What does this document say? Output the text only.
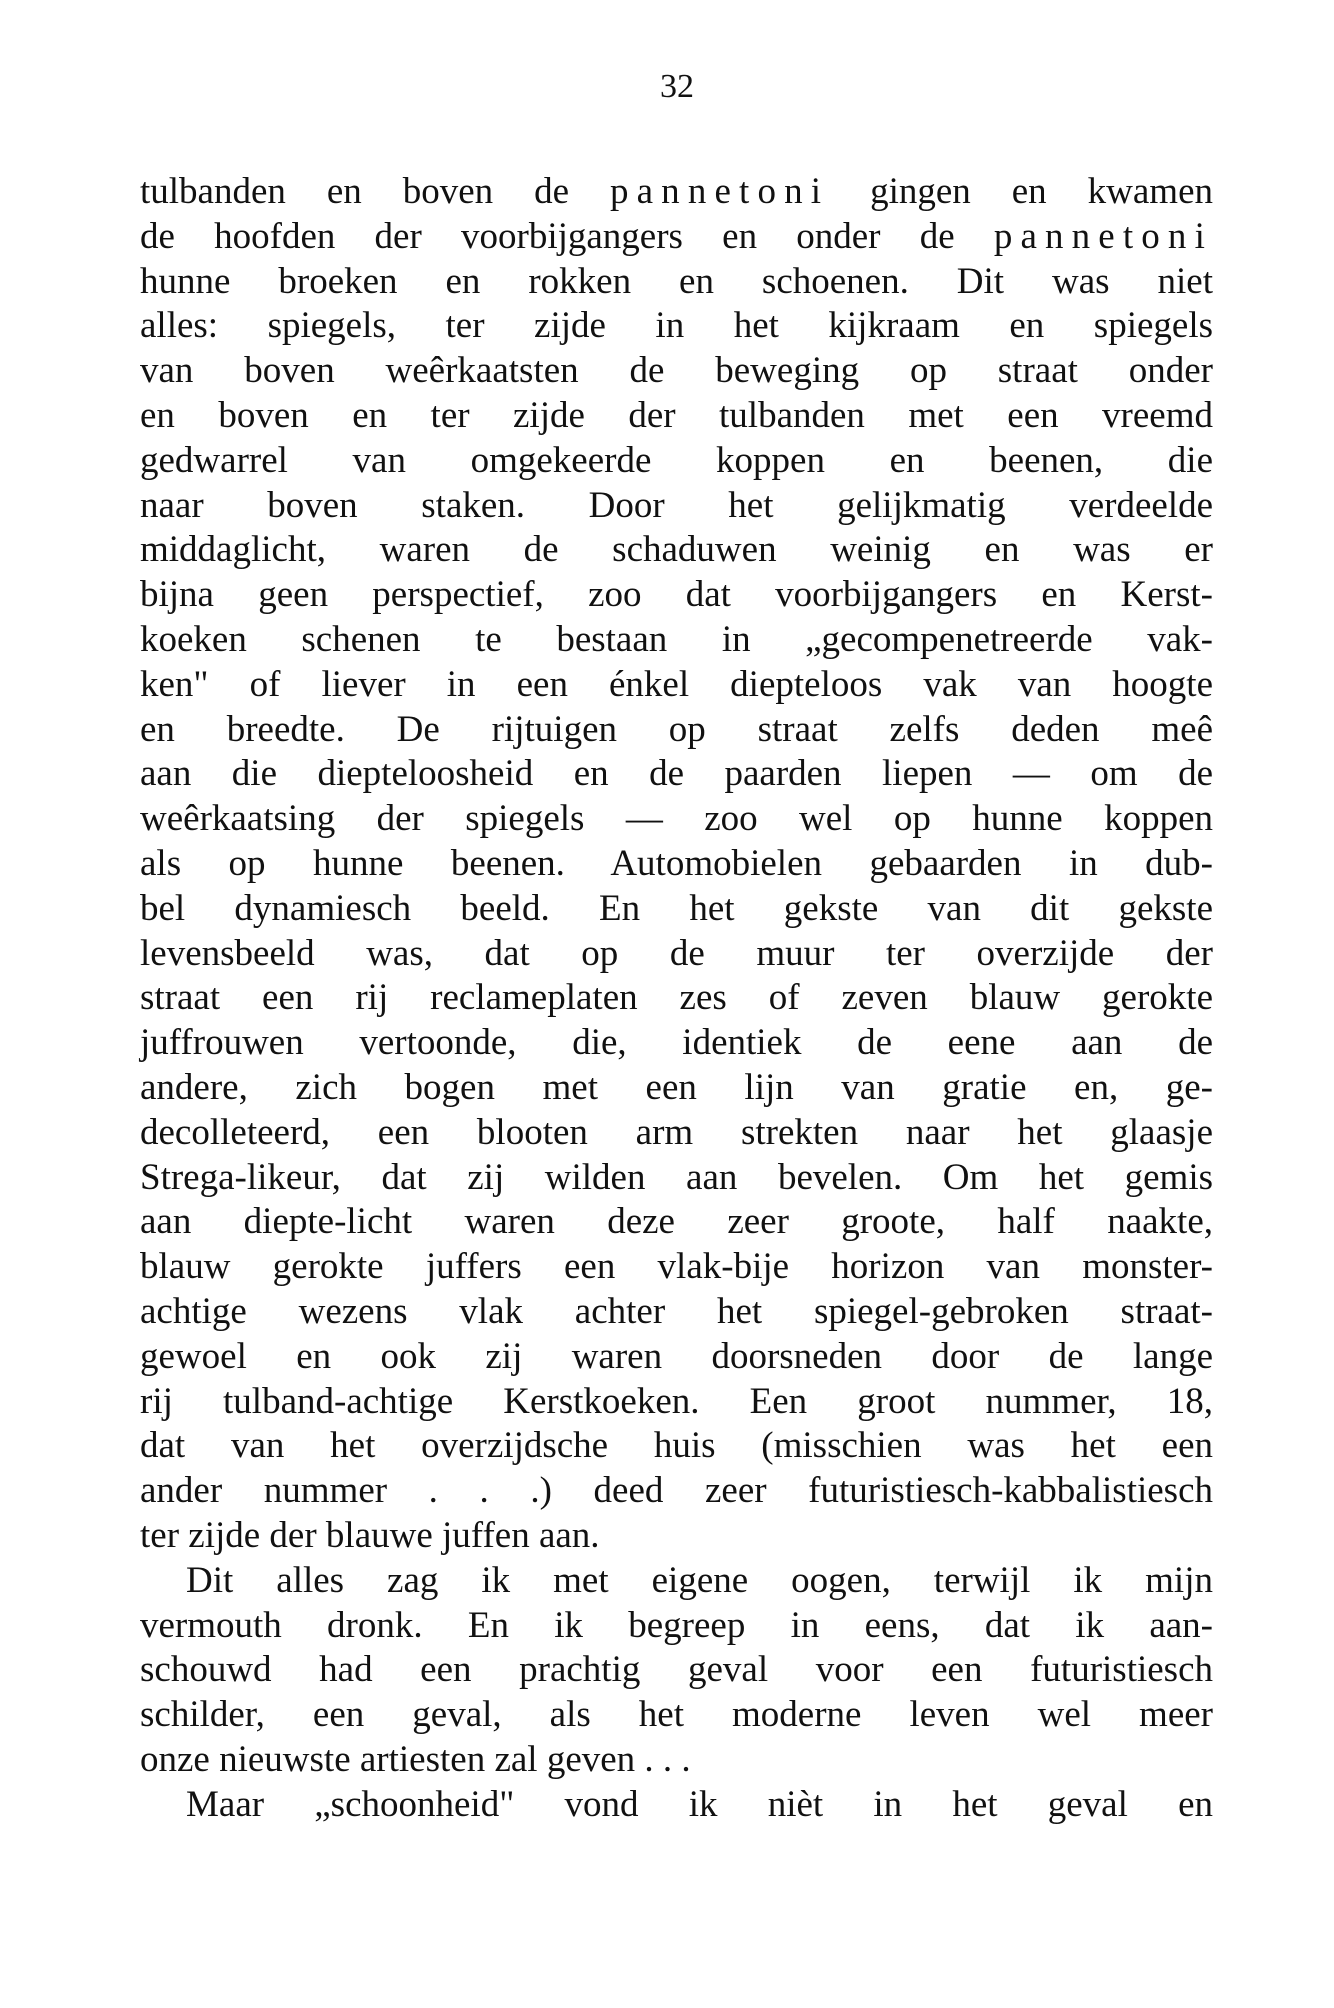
32
tulbanden en boven de pannetoni gingen en kwamen
de hoofden der voorbijgangers en onder de pannetoni
hunne broeken en rokken en schoenen. Dit was niet
alles: spiegels, ter zijde in het kijkraam en spiegels
van boven weêrkaatsten de beweging op straat onder
en boven en ter zijde der tulbanden met een vreemd
gedwarrel van omgekeerde koppen en beenen, die
naar boven staken. Door het gelijkmatig verdeelde
middaglicht, waren de schaduwen weinig en was er
bijna geen perspectief, zoo dat voorbijgangers en Kerst-
koeken schenen te bestaan in „gecompenetreerde vak-
ken" of liever in een énkel diepteloos vak van hoogte
en breedte. De rijtuigen op straat zelfs deden meê
aan die diepteloosheid en de paarden liepen — om de
weêrkaatsing der spiegels — zoo wel op hunne koppen
als op hunne beenen. Automobielen gebaarden in dub-
bel dynamiesch beeld. En het gekste van dit gekste
levensbeeld was, dat op de muur ter overzijde der
straat een rij reclameplaten zes of zeven blauw gerokte
juffrouwen vertoonde, die, identiek de eene aan de
andere, zich bogen met een lijn van gratie en, ge-
decolleteerd, een blooten arm strekten naar het glaasje
Strega-likeur, dat zij wilden aan bevelen. Om het gemis
aan diepte-licht waren deze zeer groote, half naakte,
blauw gerokte juffers een vlak-bije horizon van monster-
achtige wezens vlak achter het spiegel-gebroken straat-
gewoel en ook zij waren doorsneden door de lange
rij tulband-achtige Kerstkoeken. Een groot nummer, 18,
dat van het overzijdsche huis (misschien was het een
ander nummer . . .) deed zeer futuristiesch-kabbalistiesch
ter zijde der blauwe juffen aan.
Dit alles zag ik met eigene oogen, terwijl ik mijn
vermouth dronk. En ik begreep in eens, dat ik aan-
schouwd had een prachtig geval voor een futuristiesch
schilder, een geval, als het moderne leven wel meer
onze nieuwste artiesten zal geven . . .
Maar „schoonheid" vond ik nièt in het geval en
